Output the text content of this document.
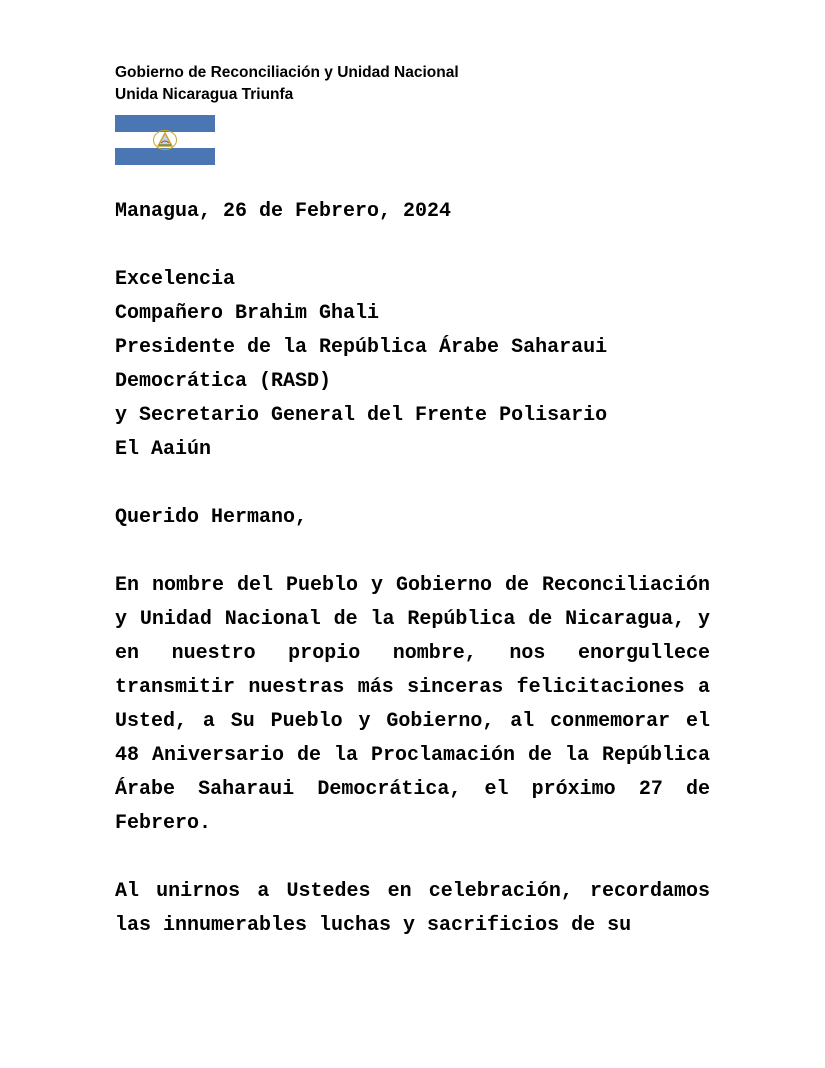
Gobierno de Reconciliación y Unidad Nacional
Unida Nicaragua Triunfa
Managua, 26 de Febrero, 2024
Excelencia
Compañero Brahim Ghali
Presidente de la República Árabe Saharaui Democrática (RASD)
y Secretario General del Frente Polisario
El Aaiún
Querido Hermano,

En nombre del Pueblo y Gobierno de Reconciliación y Unidad Nacional de la República de Nicaragua, y en nuestro propio nombre, nos enorgullece transmitir nuestras más sinceras felicitaciones a Usted, a Su Pueblo y Gobierno, al conmemorar el 48 Aniversario de la Proclamación de la República Árabe Saharaui Democrática, el próximo 27 de Febrero.

Al unirnos a Ustedes en celebración, recordamos las innumerables luchas y sacrificios de su
